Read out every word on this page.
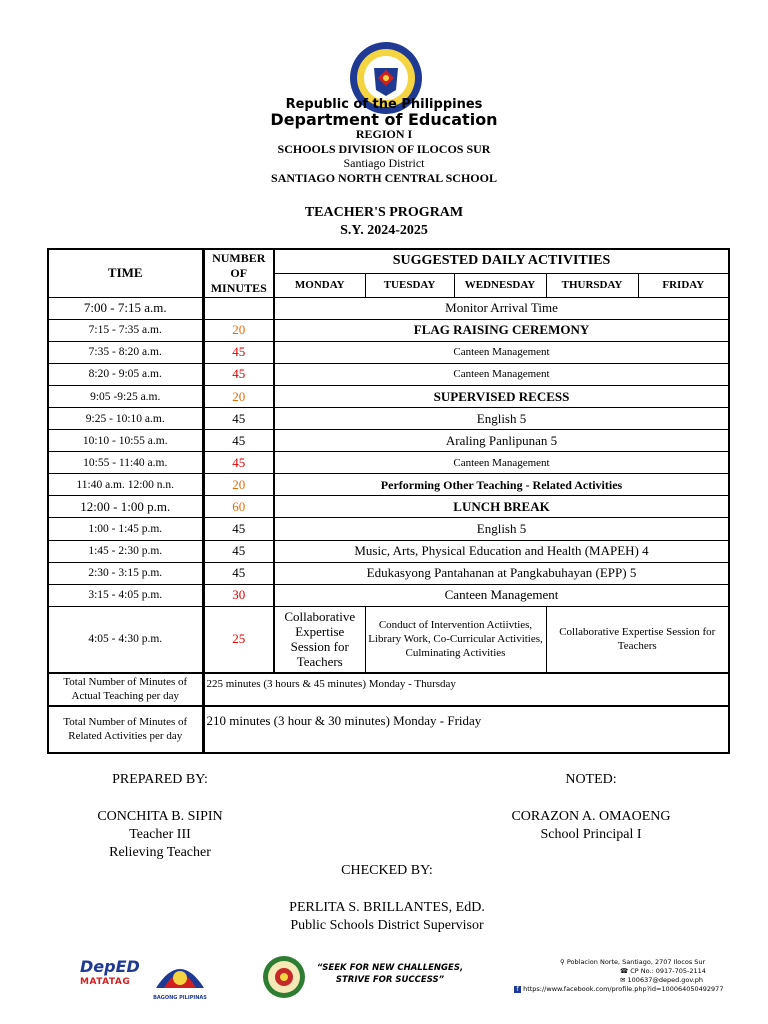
Republic of the Philippines
Department of Education
REGION I
SCHOOLS DIVISION OF ILOCOS SUR
Santiago District
SANTIAGO NORTH CENTRAL SCHOOL
TEACHER'S PROGRAM
S.Y. 2024-2025
TIME	NUMBER OF MINUTES	SUGGESTED DAILY ACTIVITIES				
		MONDAY	TUESDAY	WEDNESDAY	THURSDAY	FRIDAY
7:00 - 7:15 a.m.		Monitor Arrival Time				
7:15 - 7:35 a.m.	20	FLAG RAISING CEREMONY				
7:35 - 8:20 a.m.	45	Canteen Management				
8:20 - 9:05 a.m.	45	Canteen Management				
9:05 -9:25 a.m.	20	SUPERVISED RECESS				
9:25 - 10:10 a.m.	45	English 5				
10:10 - 10:55 a.m.	45	Araling Panlipunan 5				
10:55 - 11:40 a.m.	45	Canteen Management				
11:40 a.m. 12:00 n.n.	20	Performing Other Teaching - Related Activities				
12:00 - 1:00 p.m.	60	LUNCH BREAK				
1:00 - 1:45 p.m.	45	English 5				
1:45 - 2:30 p.m.	45	Music, Arts, Physical Education and Health (MAPEH) 4				
2:30 - 3:15 p.m.	45	Edukasyong Pantahanan at Pangkabuhayan (EPP) 5				
3:15 - 4:05 p.m.	30	Canteen Management				
4:05 - 4:30 p.m.	25	Collaborative Expertise Session for Teachers	Conduct of Intervention Actiivties, Library Work, Co-Curricular Activities, Culminating Activities		Collaborative Expertise Session for Teachers	
Total Number of Minutes of Actual Teaching per day	225 minutes (3 hours & 45 minutes) Monday - Thursday					
Total Number of Minutes of Related Activities per day	210 minutes (3 hour & 30 minutes) Monday - Friday					
PREPARED BY:
CONCHITA B. SIPIN
Teacher III
Relieving Teacher
NOTED:
CORAZON A. OMAOENG
School Principal I
CHECKED BY:
PERLITA S. BRILLANTES, EdD.
Public Schools District Supervisor
DepED
MATATAG
BAGONG PILIPINAS
“SEEK FOR NEW CHALLENGES,
STRIVE FOR SUCCESS”
⚲ Poblacion Norte, Santiago, 2707 Ilocos Sur
☎ CP No.: 0917-705-2114
✉ 100637@deped.gov.ph
f https://www.facebook.com/profile.php?id=100064050492977
